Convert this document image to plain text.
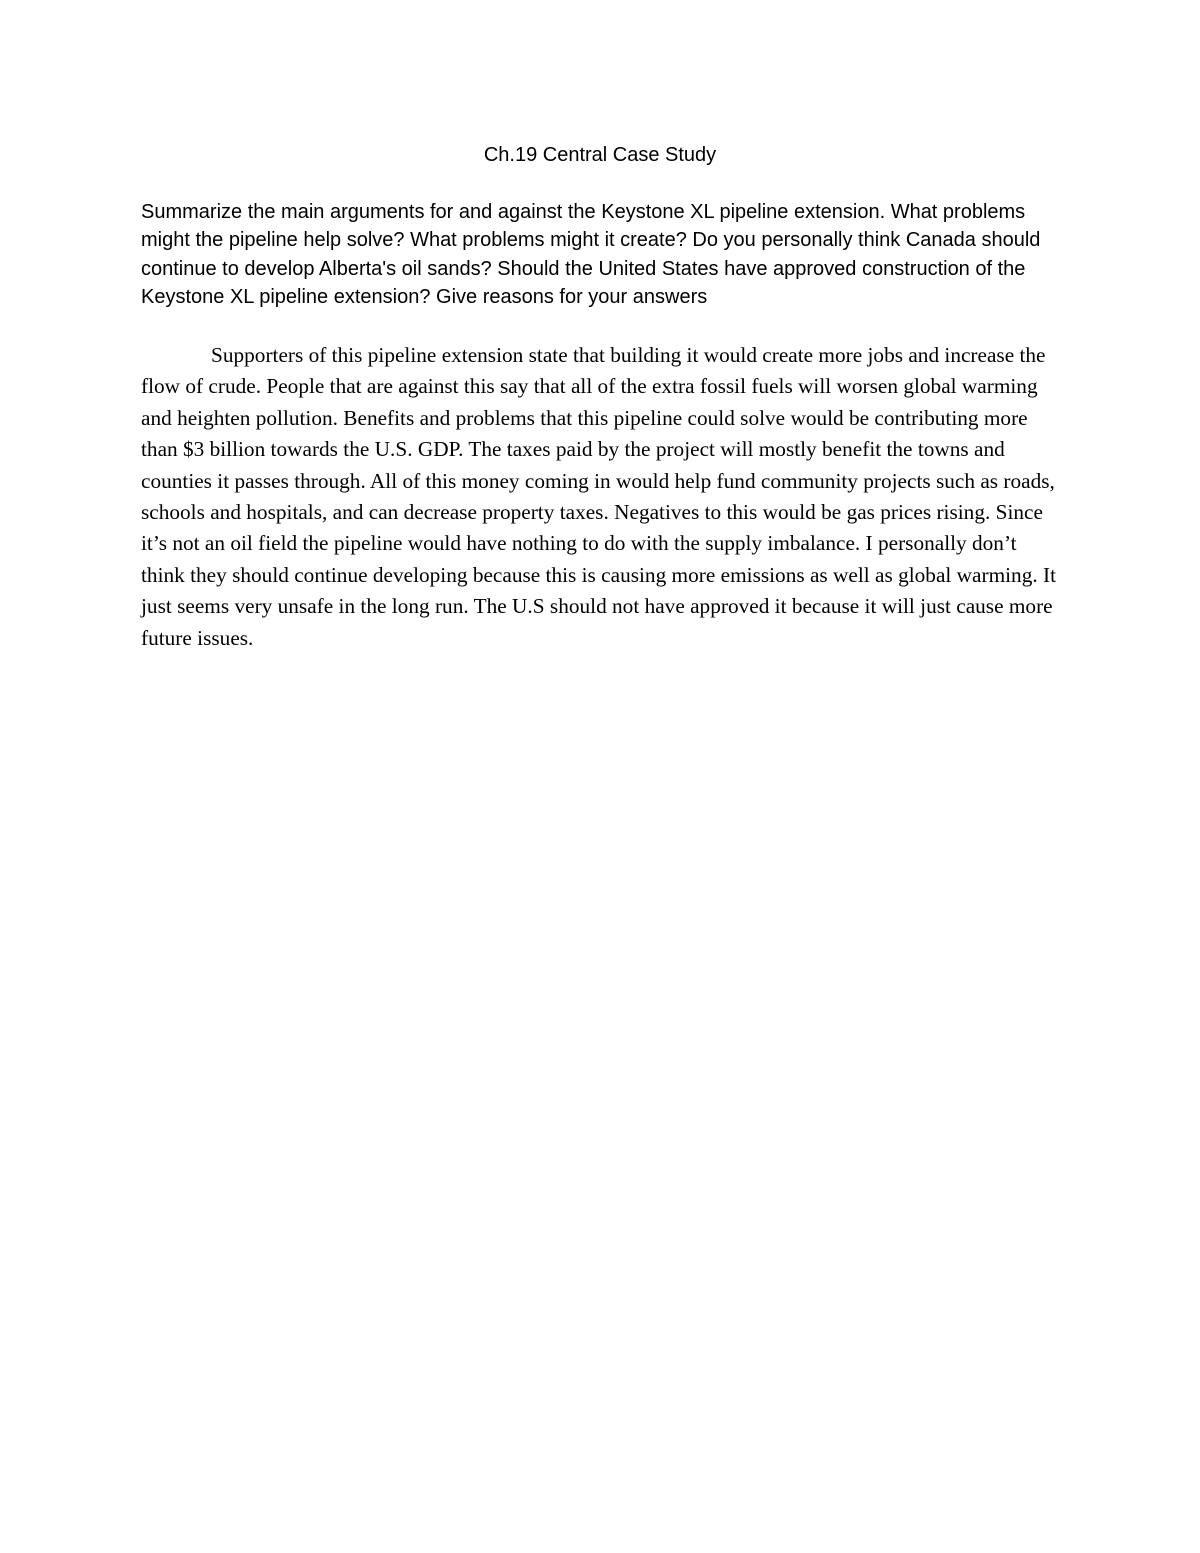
Ch.19 Central Case Study

Summarize the main arguments for and against the Keystone XL pipeline extension. What problems might the pipeline help solve? What problems might it create? Do you personally think Canada should continue to develop Alberta's oil sands? Should the United States have approved construction of the Keystone XL pipeline extension? Give reasons for your answers

Supporters of this pipeline extension state that building it would create more jobs and increase the flow of crude. People that are against this say that all of the extra fossil fuels will worsen global warming and heighten pollution. Benefits and problems that this pipeline could solve would be contributing more than $3 billion towards the U.S. GDP. The taxes paid by the project will mostly benefit the towns and counties it passes through. All of this money coming in would help fund community projects such as roads, schools and hospitals, and can decrease property taxes. Negatives to this would be gas prices rising. Since it’s not an oil field the pipeline would have nothing to do with the supply imbalance. I personally don’t think they should continue developing because this is causing more emissions as well as global warming. It just seems very unsafe in the long run. The U.S should not have approved it because it will just cause more future issues.
